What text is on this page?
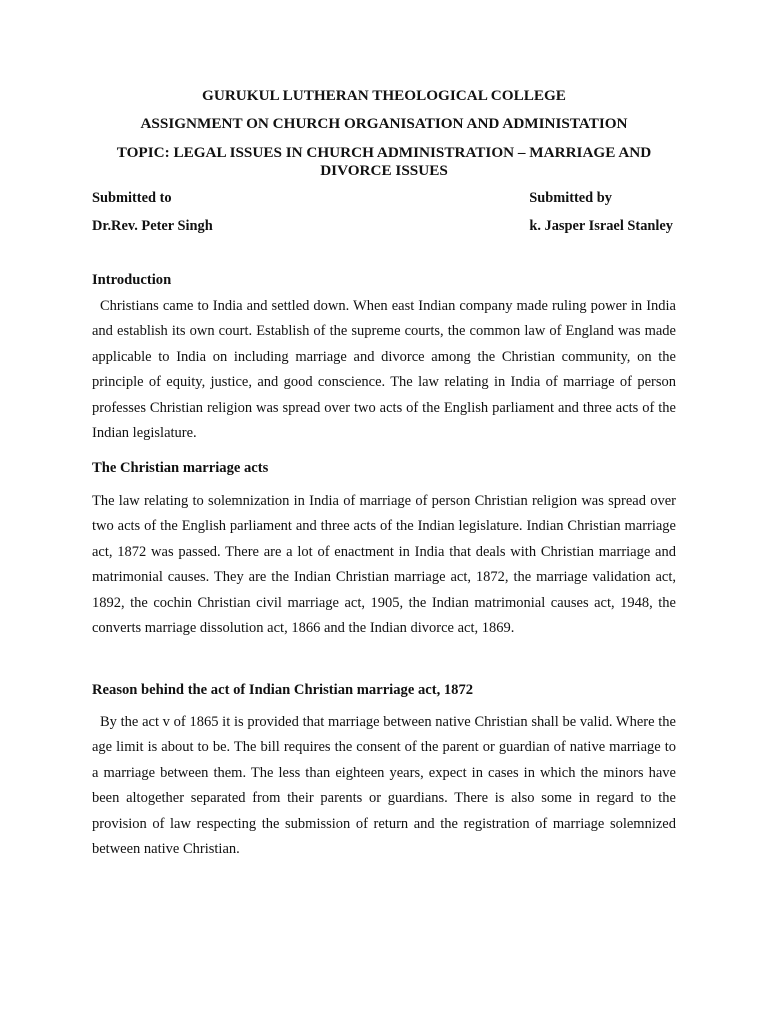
GURUKUL LUTHERAN THEOLOGICAL COLLEGE
ASSIGNMENT ON CHURCH ORGANISATION AND ADMINISTATION
TOPIC: LEGAL ISSUES IN CHURCH ADMINISTRATION – MARRIAGE AND DIVORCE ISSUES
Submitted to	Submitted by
Dr.Rev. Peter Singh	k. Jasper Israel Stanley
Introduction
Christians came to India and settled down. When east Indian company made ruling power in India and establish its own court. Establish of the supreme courts, the common law of England was made applicable to India on including marriage and divorce among the Christian community, on the principle of equity, justice, and good conscience. The law relating in India of marriage of person professes Christian religion was spread over two acts of the English parliament and three acts of the Indian legislature.
The Christian marriage acts
The law relating to solemnization in India of marriage of person Christian religion was spread over two acts of the English parliament and three acts of the Indian legislature. Indian Christian marriage act, 1872 was passed. There are a lot of enactment in India that deals with Christian marriage and matrimonial causes. They are the Indian Christian marriage act, 1872, the marriage validation act, 1892, the cochin Christian civil marriage act, 1905, the Indian matrimonial causes act, 1948, the converts marriage dissolution act, 1866 and the Indian divorce act, 1869.
Reason behind the act of Indian Christian marriage act, 1872
By the act v of 1865 it is provided that marriage between native Christian shall be valid. Where the age limit is about to be. The bill requires the consent of the parent or guardian of native marriage to a marriage between them. The less than eighteen years, expect in cases in which the minors have been altogether separated from their parents or guardians. There is also some in regard to the provision of law respecting the submission of return and the registration of marriage solemnized between native Christian.
